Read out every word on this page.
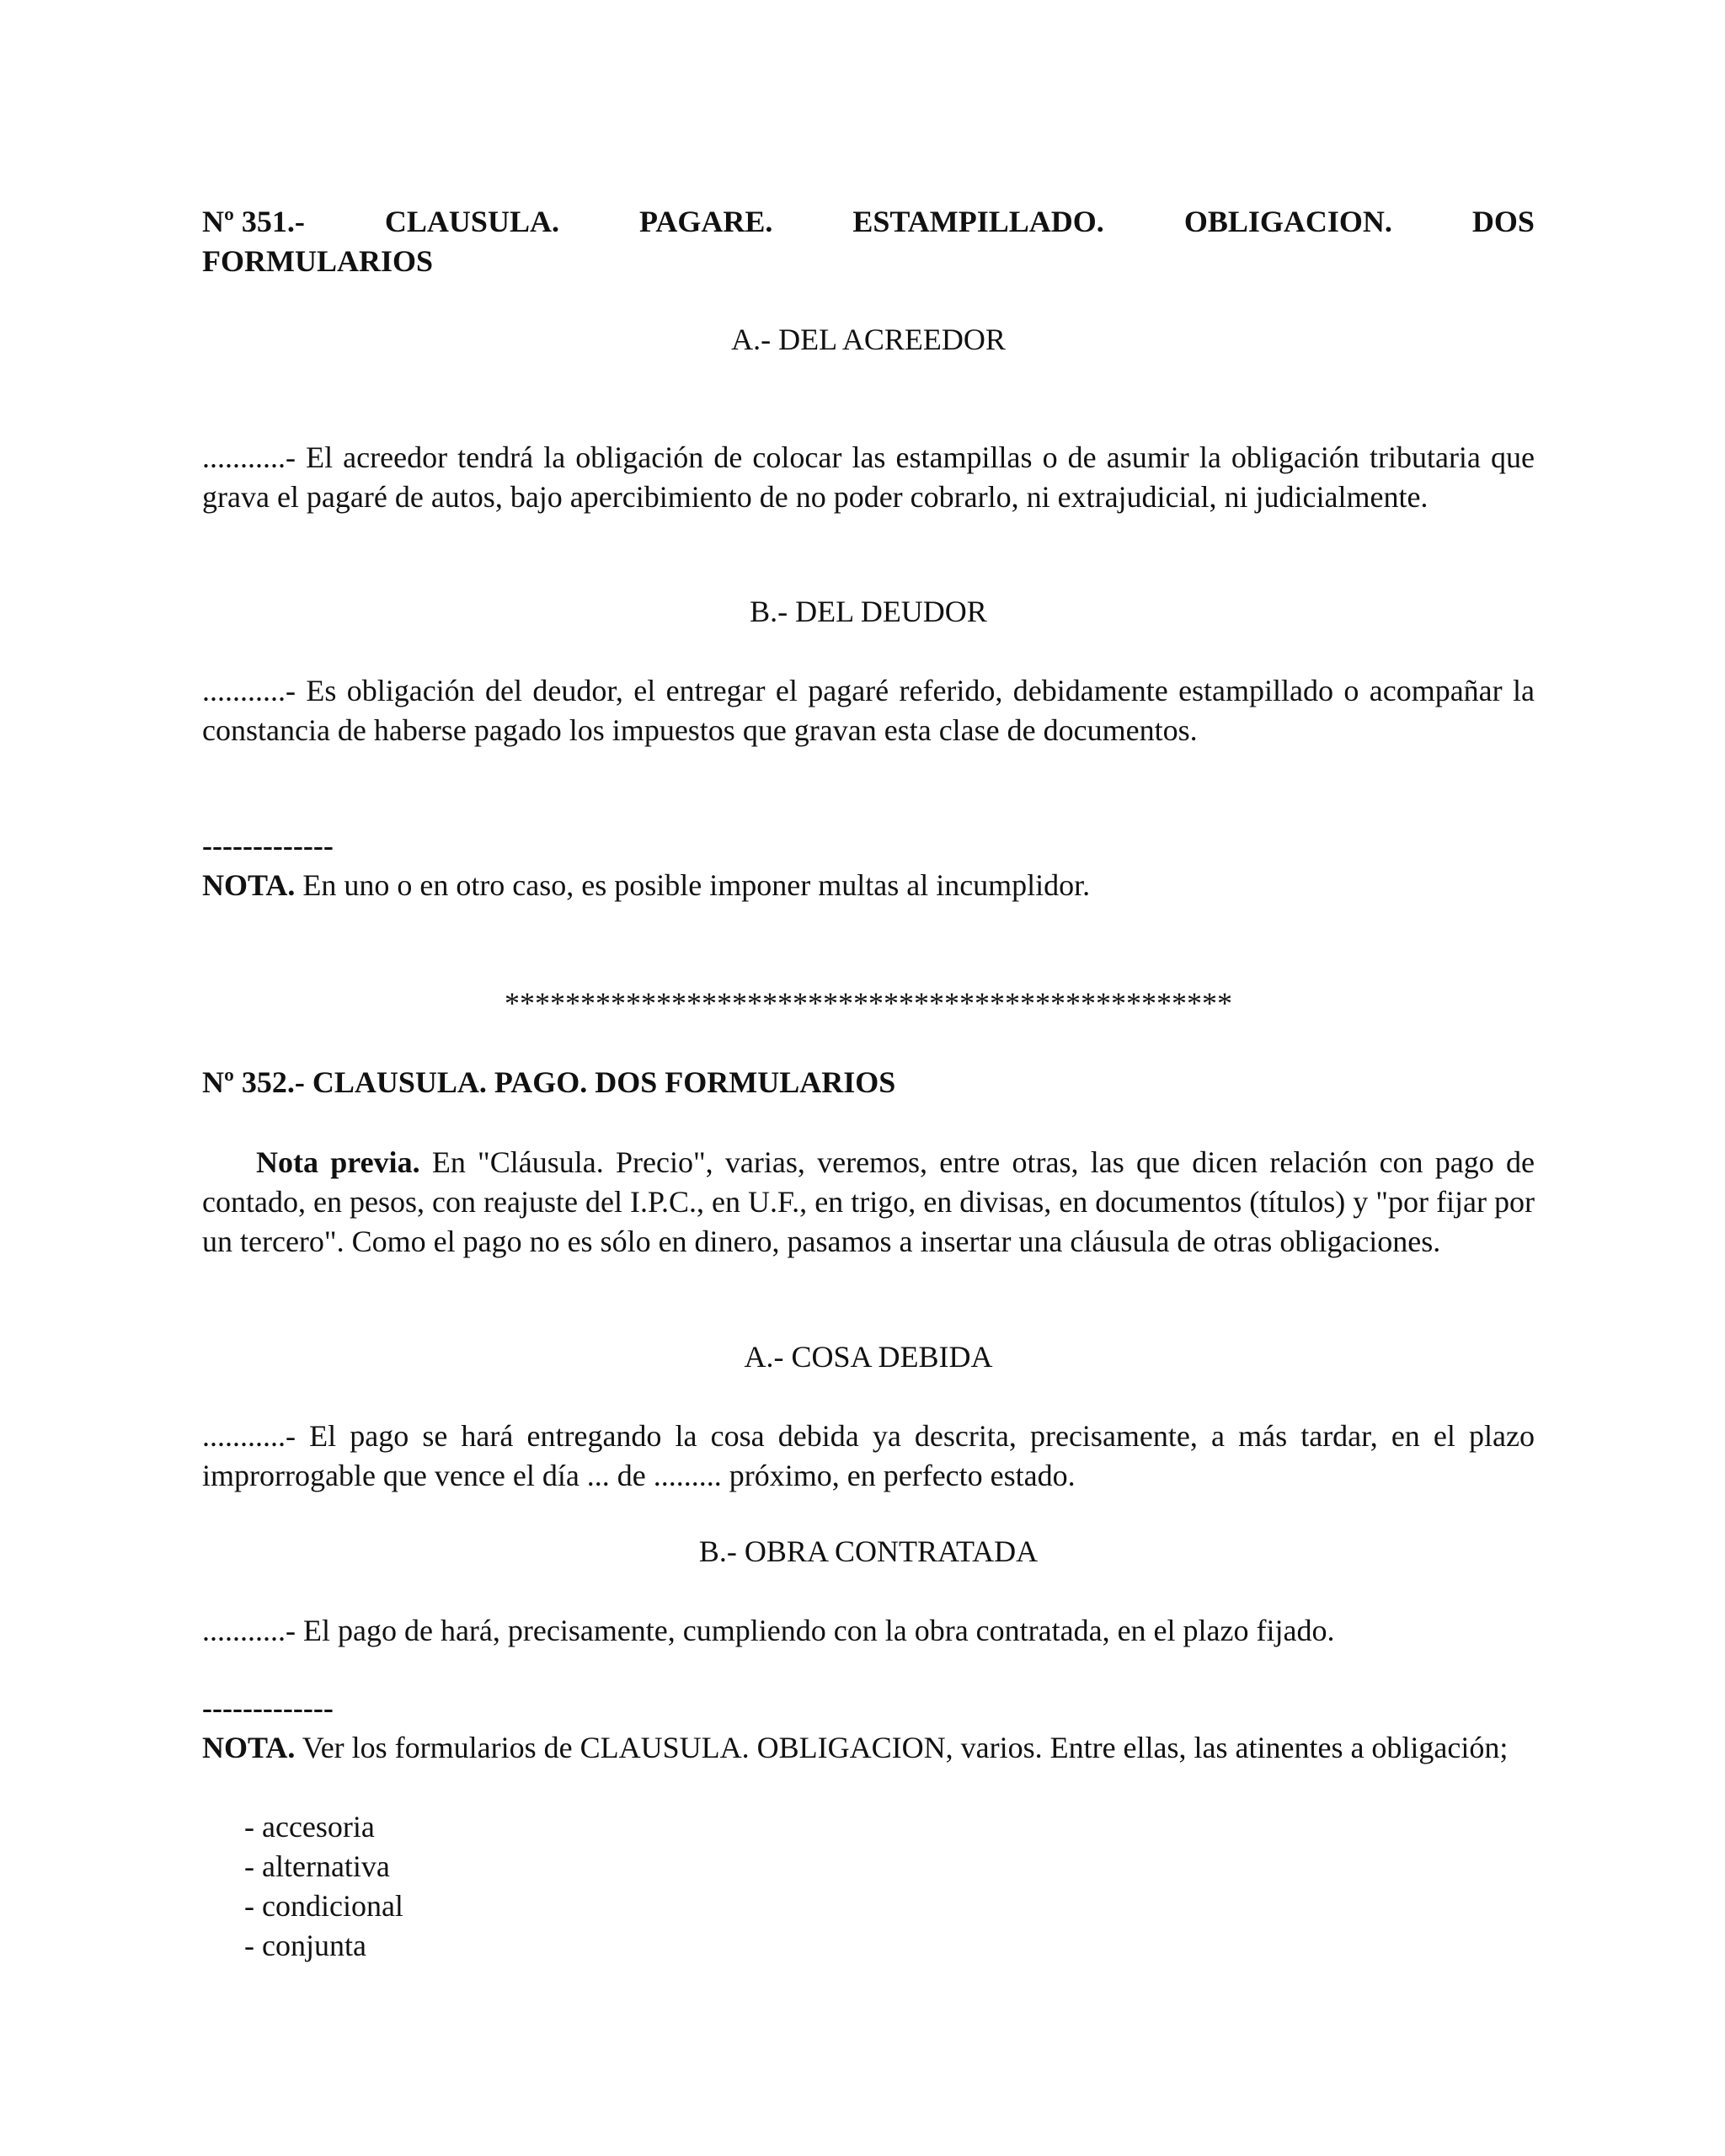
Nº 351.-	CLAUSULA.	PAGARE.	ESTAMPILLADO.	OBLIGACION.	DOS
FORMULARIOS
A.- DEL ACREEDOR

...........- El acreedor tendrá la obligación de colocar las estampillas o de asumir la obligación tributaria que grava el pagaré de autos, bajo apercibimiento de no poder cobrarlo, ni extrajudicial, ni judicialmente.

B.- DEL DEUDOR

...........- Es obligación del deudor, el entregar el pagaré referido, debidamente estampillado o acompañar la constancia de haberse pagado los impuestos que gravan esta clase de documentos.

-------------

NOTA. En uno o en otro caso, es posible imponer multas al incumplidor.

************************************************
Nº 352.- CLAUSULA. PAGO. DOS FORMULARIOS

Nota previa. En "Cláusula. Precio", varias, veremos, entre otras, las que dicen relación con pago de contado, en pesos, con reajuste del I.P.C., en U.F., en trigo, en divisas, en documentos (títulos) y "por fijar por un tercero". Como el pago no es sólo en dinero, pasamos a insertar una cláusula de otras obligaciones.

A.- COSA DEBIDA

...........- El pago se hará entregando la cosa debida ya descrita, precisamente, a más tardar, en el plazo improrrogable que vence el día ... de ......... próximo, en perfecto estado.

B.- OBRA CONTRATADA

...........- El pago de hará, precisamente, cumpliendo con la obra contratada, en el plazo fijado.

-------------

NOTA. Ver los formularios de CLAUSULA. OBLIGACION, varios. Entre ellas, las atinentes a obligación;

- accesoria
- alternativa
- condicional
- conjunta
